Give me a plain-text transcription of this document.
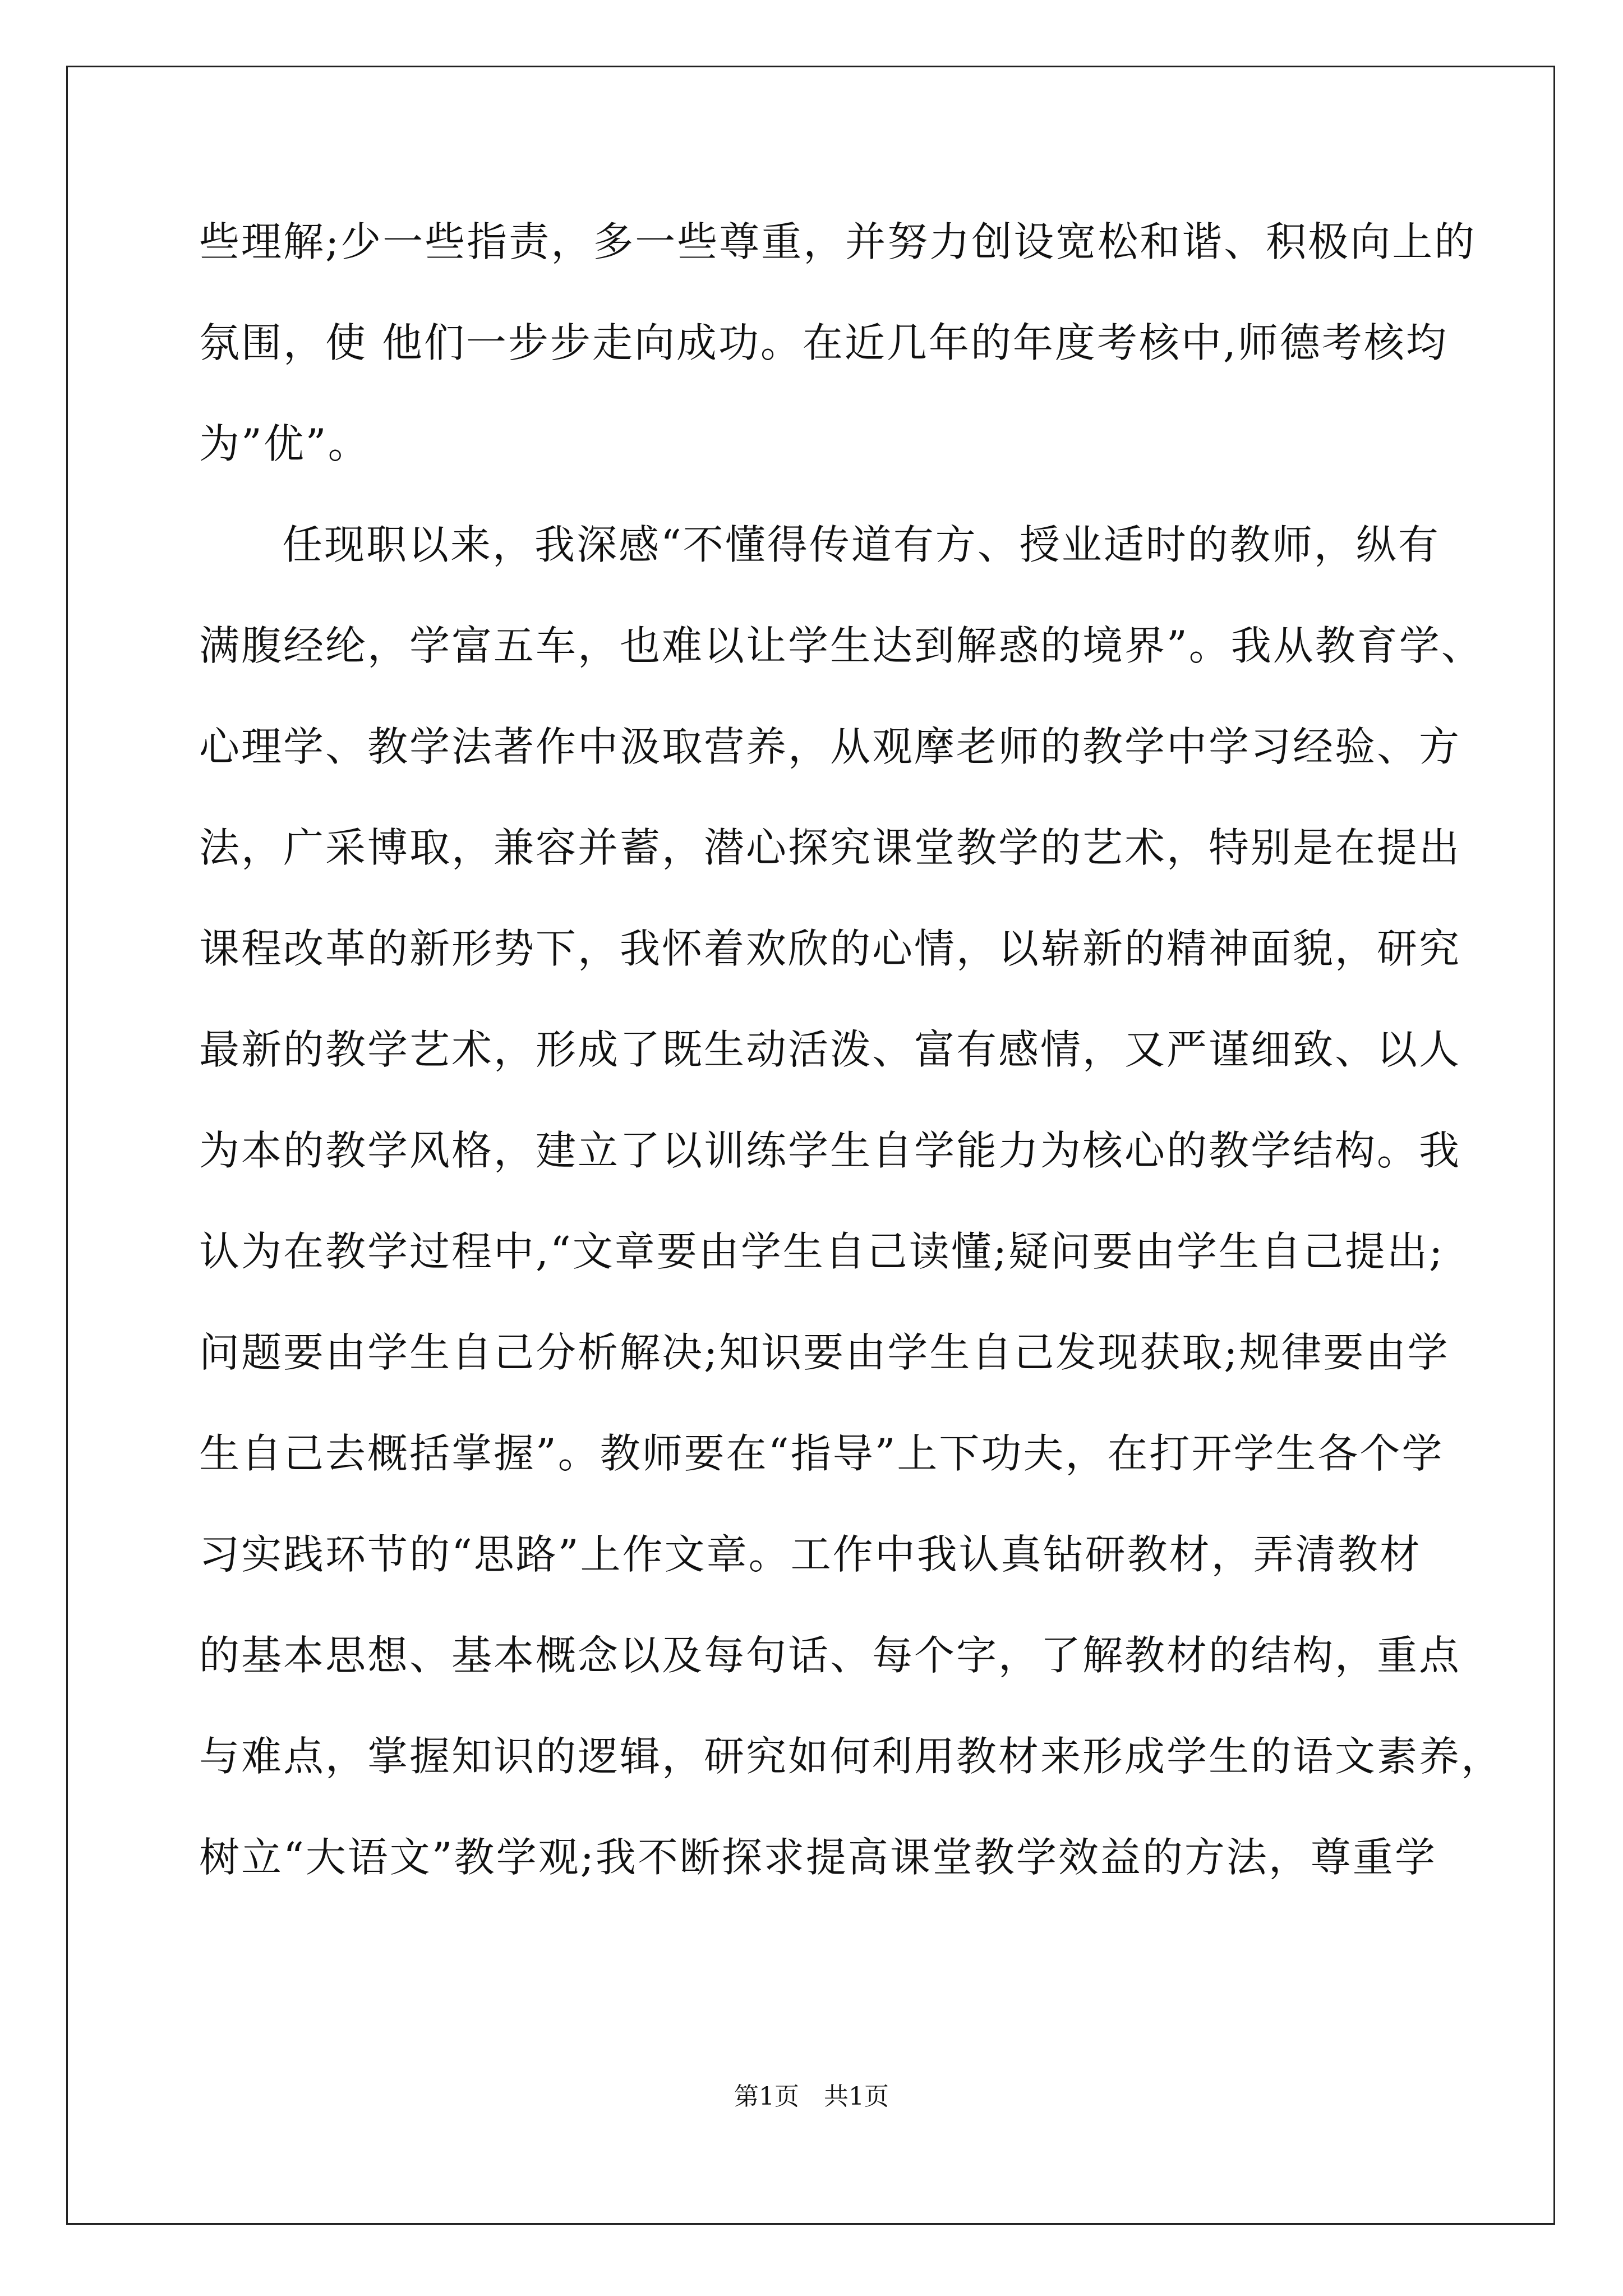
些理解;少一些指责，多一些尊重，并努力创设宽松和谐、积极向上的
氛围，使 他们一步步走向成功。在近几年的年度考核中,师德考核均
为”优”。
任现职以来，我深感“不懂得传道有方、授业适时的教师，纵有
满腹经纶，学富五车，也难以让学生达到解惑的境界”。我从教育学、
心理学、教学法著作中汲取营养，从观摩老师的教学中学习经验、方
法，广采博取，兼容并蓄，潜心探究课堂教学的艺术，特别是在提出
课程改革的新形势下，我怀着欢欣的心情，以崭新的精神面貌，研究
最新的教学艺术，形成了既生动活泼、富有感情，又严谨细致、以人
为本的教学风格，建立了以训练学生自学能力为核心的教学结构。我
认为在教学过程中,“文章要由学生自己读懂;疑问要由学生自己提出;
问题要由学生自己分析解决;知识要由学生自己发现获取;规律要由学
生自己去概括掌握”。教师要在“指导”上下功夫，在打开学生各个学
习实践环节的“思路”上作文章。工作中我认真钻研教材，弄清教材
的基本思想、基本概念以及每句话、每个字，了解教材的结构，重点
与难点，掌握知识的逻辑，研究如何利用教材来形成学生的语文素养，
树立“大语文”教学观;我不断探求提高课堂教学效益的方法，尊重学
第1页 共1页
